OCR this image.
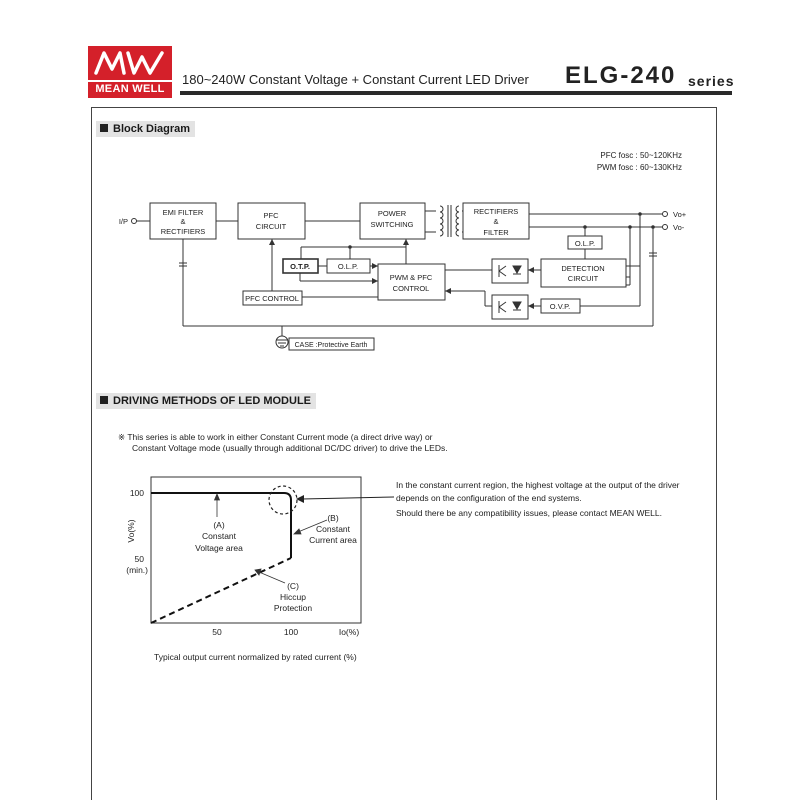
MEAN WELL
180~240W Constant Voltage + Constant Current LED Driver ELG-240 series
Block Diagram
PFC fosc : 50~120KHz
PWM fosc : 60~130KHz
I/P
Vo+
Vo-
EMI FILTER
&
RECTIFIERS
PFC
CIRCUIT
POWER
SWITCHING
RECTIFIERS
&
FILTER
O.T.P.	O.L.P.
PWM & PFC
CONTROL
O.L.P.
DETECTION
CIRCUIT
O.V.P.
PFC CONTROL
CASE :Protective Earth
DRIVING METHODS OF LED MODULE
※ This series is able to work in either Constant Current mode (a direct drive way) or
Constant Voltage mode (usually through additional DC/DC driver) to drive the LEDs.
In the constant current region, the highest voltage at the output of the driver
depends on the configuration of the end systems.
Should there be any compatibility issues, please contact MEAN WELL.
100
50
(min.)
50	100	Io(%)
Vo(%)	(A)
Constant
Voltage area
(B)
Constant
Current area
(C)
Hiccup
Protection
Typical output current normalized by rated current (%)
